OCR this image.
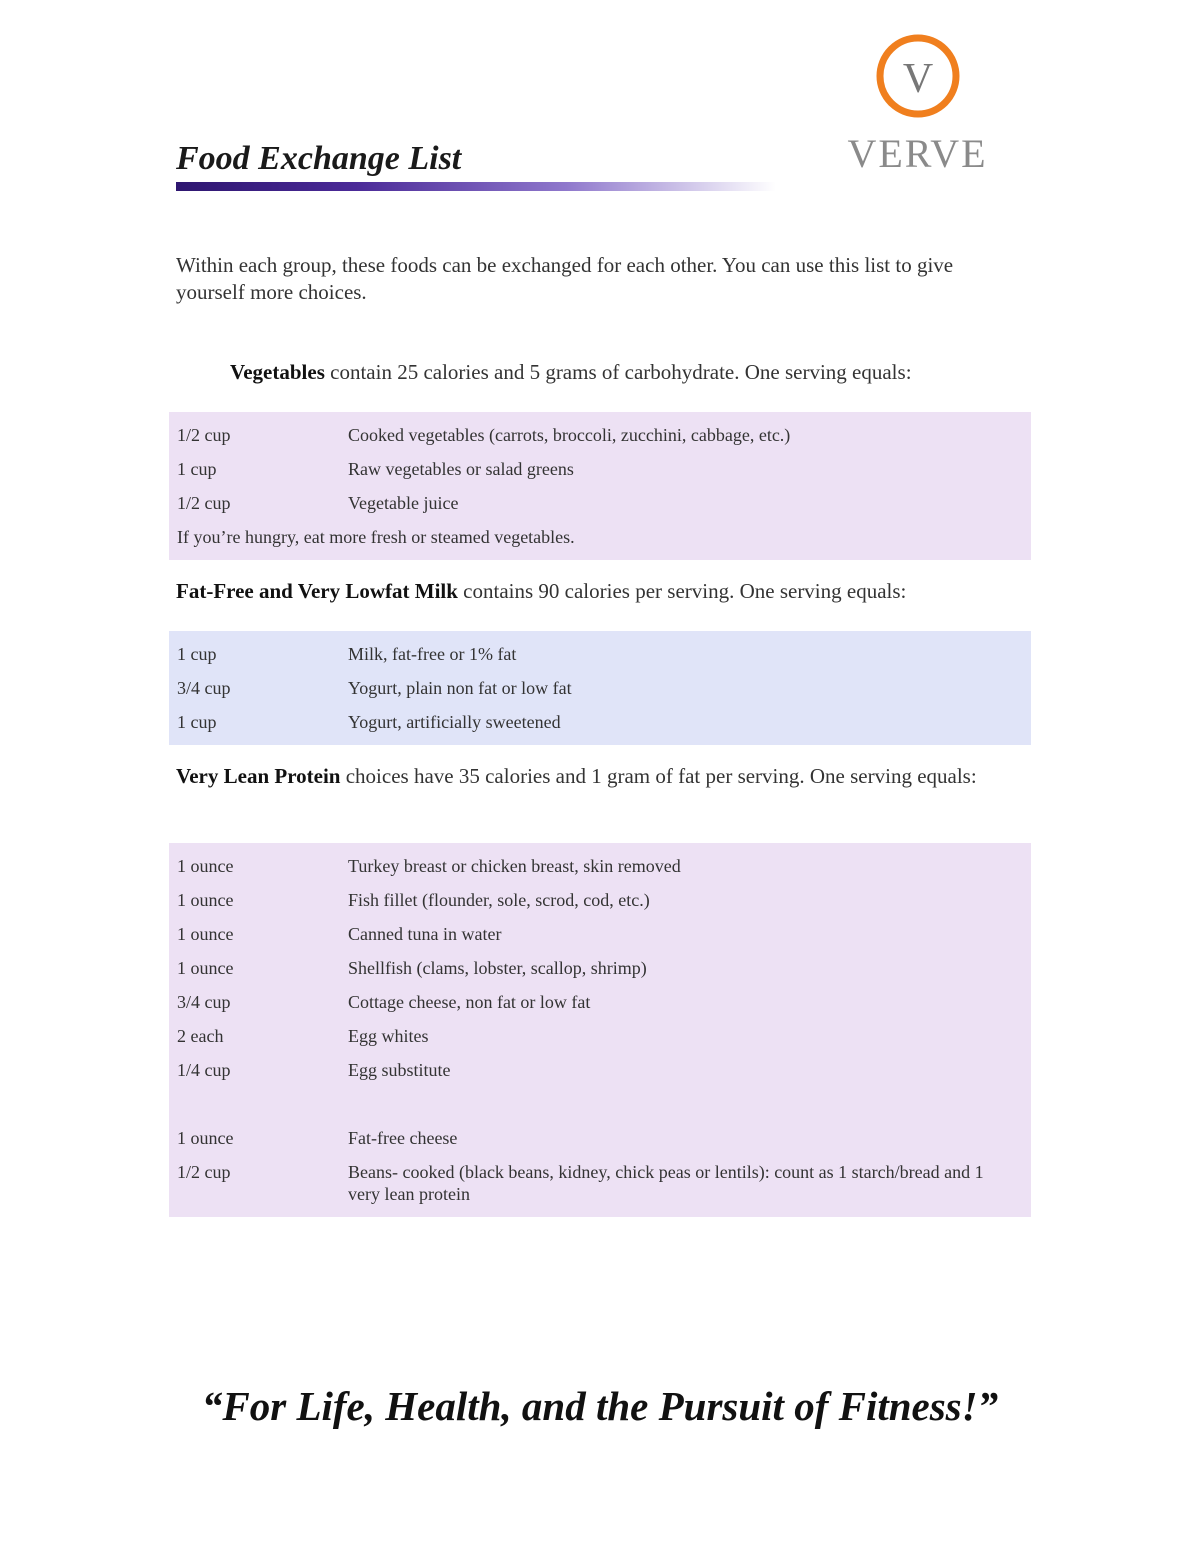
V
VERVE
Food Exchange List

Within each group, these foods can be exchanged for each other. You can use this list to give yourself more choices.

Vegetables contain 25 calories and 5 grams of carbohydrate. One serving equals:

1/2 cup	Cooked vegetables (carrots, broccoli, zucchini, cabbage, etc.)
1 cup	Raw vegetables or salad greens
1/2 cup	Vegetable juice
If you’re hungry, eat more fresh or steamed vegetables.

Fat-Free and Very Lowfat Milk contains 90 calories per serving. One serving equals:

1 cup	Milk, fat-free or 1% fat
3/4 cup	Yogurt, plain non fat or low fat
1 cup	Yogurt, artificially sweetened

Very Lean Protein choices have 35 calories and 1 gram of fat per serving. One serving equals:

1 ounce	Turkey breast or chicken breast, skin removed
1 ounce	Fish fillet (flounder, sole, scrod, cod, etc.)
1 ounce	Canned tuna in water
1 ounce	Shellfish (clams, lobster, scallop, shrimp)
3/4 cup	Cottage cheese, non fat or low fat
2 each	Egg whites
1/4 cup	Egg substitute
1 ounce	Fat-free cheese
1/2 cup	Beans- cooked (black beans, kidney, chick peas or lentils): count as 1 starch/bread and 1 very lean protein

“For Life, Health, and the Pursuit of Fitness!”
